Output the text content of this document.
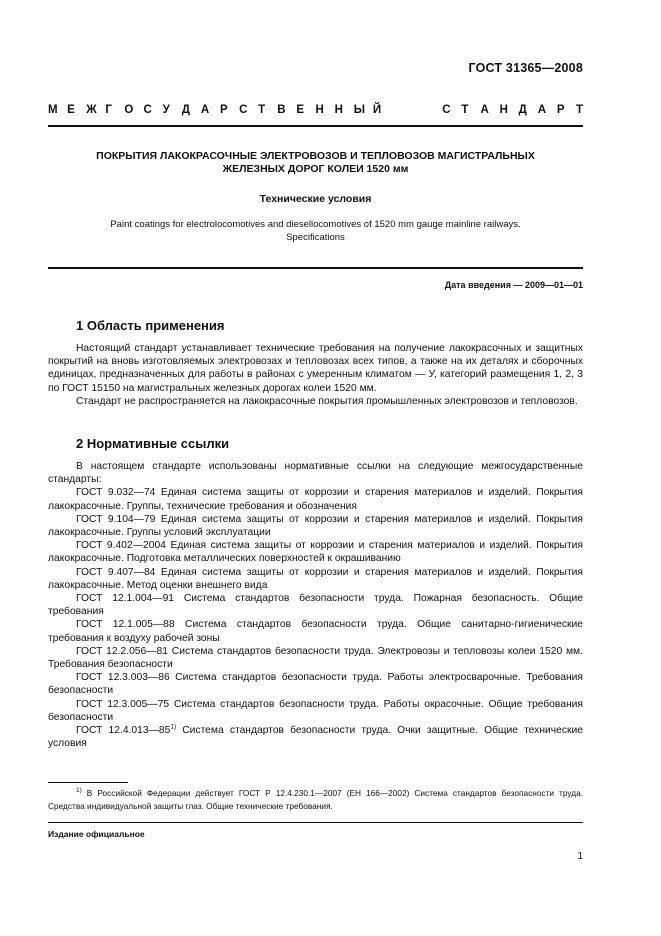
ГОСТ 31365—2008
М Е Ж Г О С У Д А Р С Т В Е Н Н Ы Й	С Т А Н Д А Р Т
ПОКРЫТИЯ ЛАКОКРАСОЧНЫЕ ЭЛЕКТРОВОЗОВ И ТЕПЛОВОЗОВ МАГИСТРАЛЬНЫХ
ЖЕЛЕЗНЫХ ДОРОГ КОЛЕИ 1520 мм
Технические условия
Paint coatings for electrolocomotives and diesellocomotives of 1520 mm gauge mainline railways.
Specifications
Дата введения — 2009—01—01
1 Область применения

Настоящий стандарт устанавливает технические требования на получение лакокрасочных и защитных покрытий на вновь изготовляемых электровозах и тепловозах всех типов, а также на их деталях и сборочных единицах, предназначенных для работы в районах с умеренным климатом — У, категорий размещения 1, 2, 3 по ГОСТ 15150 на магистральных железных дорогах колеи 1520 мм.

Стандарт не распространяется на лакокрасочные покрытия промышленных электровозов и тепловозов.

2 Нормативные ссылки

В настоящем стандарте использованы нормативные ссылки на следующие межгосударственные стандарты:

ГОСТ 9.032—74 Единая система защиты от коррозии и старения материалов и изделий. Покрытия лакокрасочные. Группы, технические требования и обозначения

ГОСТ 9.104—79 Единая система защиты от коррозии и старения материалов и изделий. Покрытия лакокрасочные. Группы условий эксплуатации

ГОСТ 9.402—2004 Единая система защиты от коррозии и старения материалов и изделий. Покрытия лакокрасочные. Подготовка металлических поверхностей к окрашиванию

ГОСТ 9.407—84 Единая система защиты от коррозии и старения материалов и изделий. Покрытия лакокрасочные. Метод оценки внешнего вида

ГОСТ 12.1.004—91 Система стандартов безопасности труда. Пожарная безопасность. Общие требования

ГОСТ 12.1.005—88 Система стандартов безопасности труда. Общие санитарно-гигиенические требования к воздуху рабочей зоны

ГОСТ 12.2.056—81 Система стандартов безопасности труда. Электровозы и тепловозы колеи 1520 мм. Требования безопасности

ГОСТ 12.3.003—86 Система стандартов безопасности труда. Работы электросварочные. Требования безопасности

ГОСТ 12.3.005—75 Система стандартов безопасности труда. Работы окрасочные. Общие требования безопасности

ГОСТ 12.4.013—85$^{1)}$ Система стандартов безопасности труда. Очки защитные. Общие технические условия

$^{1)}$ В Российской Федерации действует ГОСТ Р 12.4.230.1—2007 (ЕН 166—2002) Система стандартов безопасности труда. Средства индивидуальной защиты глаз. Общие технические требования.
Издание официальное
1
